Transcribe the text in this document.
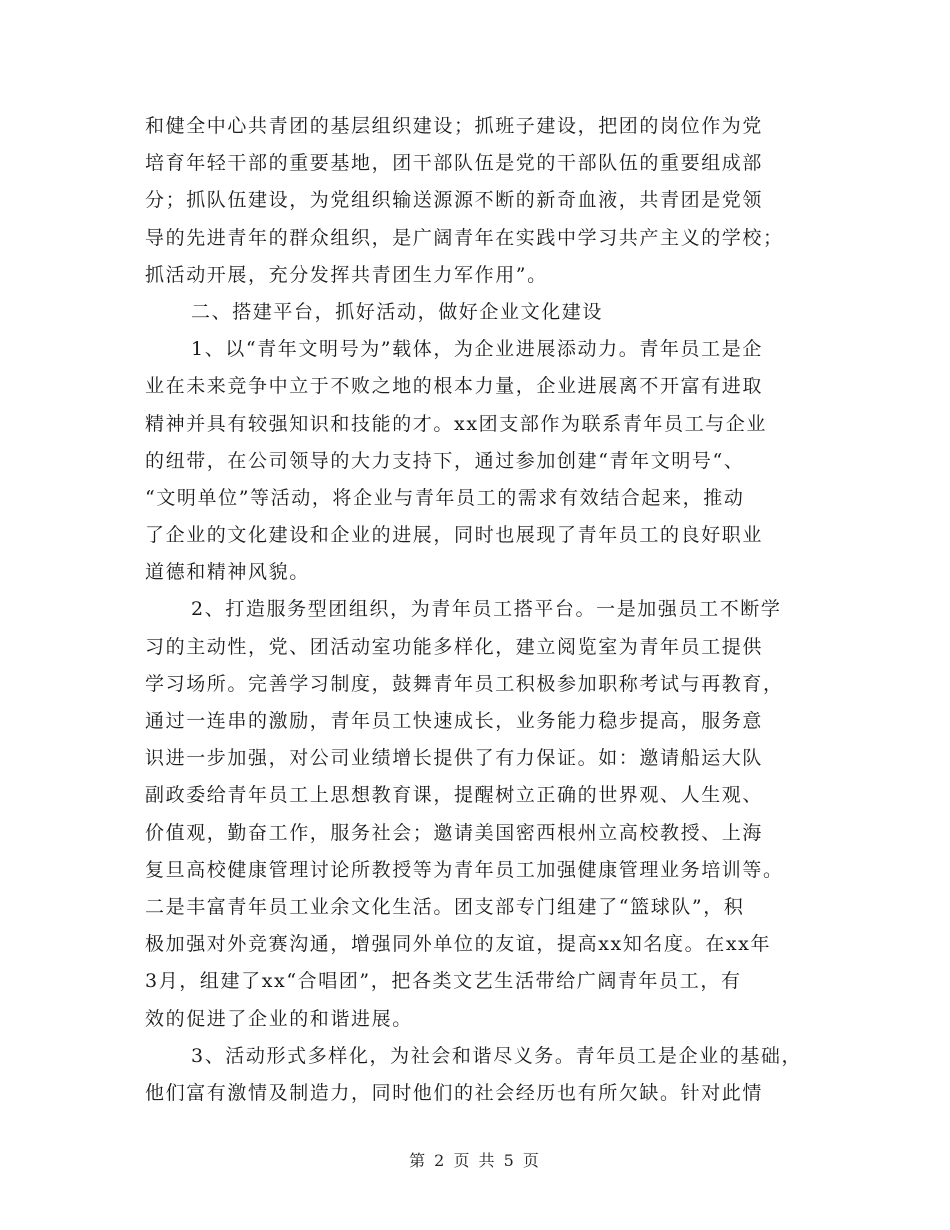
和健全中心共青团的基层组织建设；抓班子建设，把团的岗位作为党
培育年轻干部的重要基地，团干部队伍是党的干部队伍的重要组成部
分；抓队伍建设，为党组织输送源源不断的新奇血液，共青团是党领
导的先进青年的群众组织，是广阔青年在实践中学习共产主义的学校；
抓活动开展，充分发挥共青团生力军作用”。
二、搭建平台，抓好活动，做好企业文化建设
1、以“青年文明号为”载体，为企业进展添动力。青年员工是企
业在未来竞争中立于不败之地的根本力量，企业进展离不开富有进取
精神并具有较强知识和技能的才。xx团支部作为联系青年员工与企业
的纽带，在公司领导的大力支持下，通过参加创建“青年文明号“、
“文明单位”等活动，将企业与青年员工的需求有效结合起来，推动
了企业的文化建设和企业的进展，同时也展现了青年员工的良好职业
道德和精神风貌。
2、打造服务型团组织，为青年员工搭平台。一是加强员工不断学
习的主动性，党、团活动室功能多样化，建立阅览室为青年员工提供
学习场所。完善学习制度，鼓舞青年员工积极参加职称考试与再教育，
通过一连串的激励，青年员工快速成长，业务能力稳步提高，服务意
识进一步加强，对公司业绩增长提供了有力保证。如：邀请船运大队
副政委给青年员工上思想教育课，提醒树立正确的世界观、人生观、
价值观，勤奋工作，服务社会；邀请美国密西根州立高校教授、上海
复旦高校健康管理讨论所教授等为青年员工加强健康管理业务培训等。
二是丰富青年员工业余文化生活。团支部专门组建了“篮球队”，积
极加强对外竞赛沟通，增强同外单位的友谊，提高xx知名度。在xx年
3月，组建了xx“合唱团”，把各类文艺生活带给广阔青年员工，有
效的促进了企业的和谐进展。
3、活动形式多样化，为社会和谐尽义务。青年员工是企业的基础，
他们富有激情及制造力，同时他们的社会经历也有所欠缺。针对此情
第 2 页 共 5 页
